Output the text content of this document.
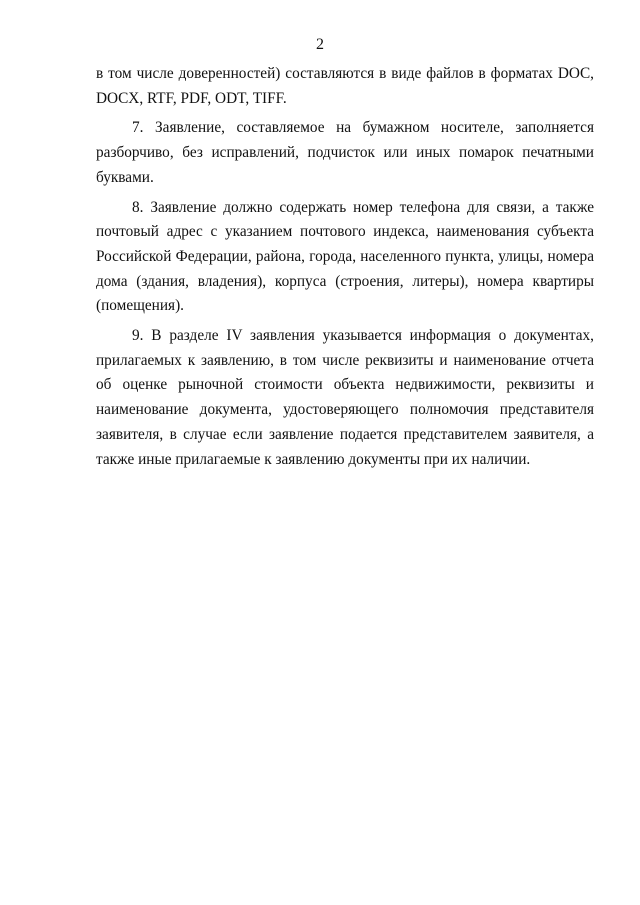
2

в том числе доверенностей) составляются в виде файлов в форматах DOC, DOCX, RTF, PDF, ODT, TIFF.

7. Заявление, составляемое на бумажном носителе, заполняется разборчиво, без исправлений, подчисток или иных помарок печатными буквами.

8. Заявление должно содержать номер телефона для связи, а также почтовый адрес с указанием почтового индекса, наименования субъекта Российской Федерации, района, города, населенного пункта, улицы, номера дома (здания, владения), корпуса (строения, литеры), номера квартиры (помещения).

9. В разделе IV заявления указывается информация о документах, прилагаемых к заявлению, в том числе реквизиты и наименование отчета об оценке рыночной стоимости объекта недвижимости, реквизиты и наименование документа, удостоверяющего полномочия представителя заявителя, в случае если заявление подается представителем заявителя, а также иные прилагаемые к заявлению документы при их наличии.
